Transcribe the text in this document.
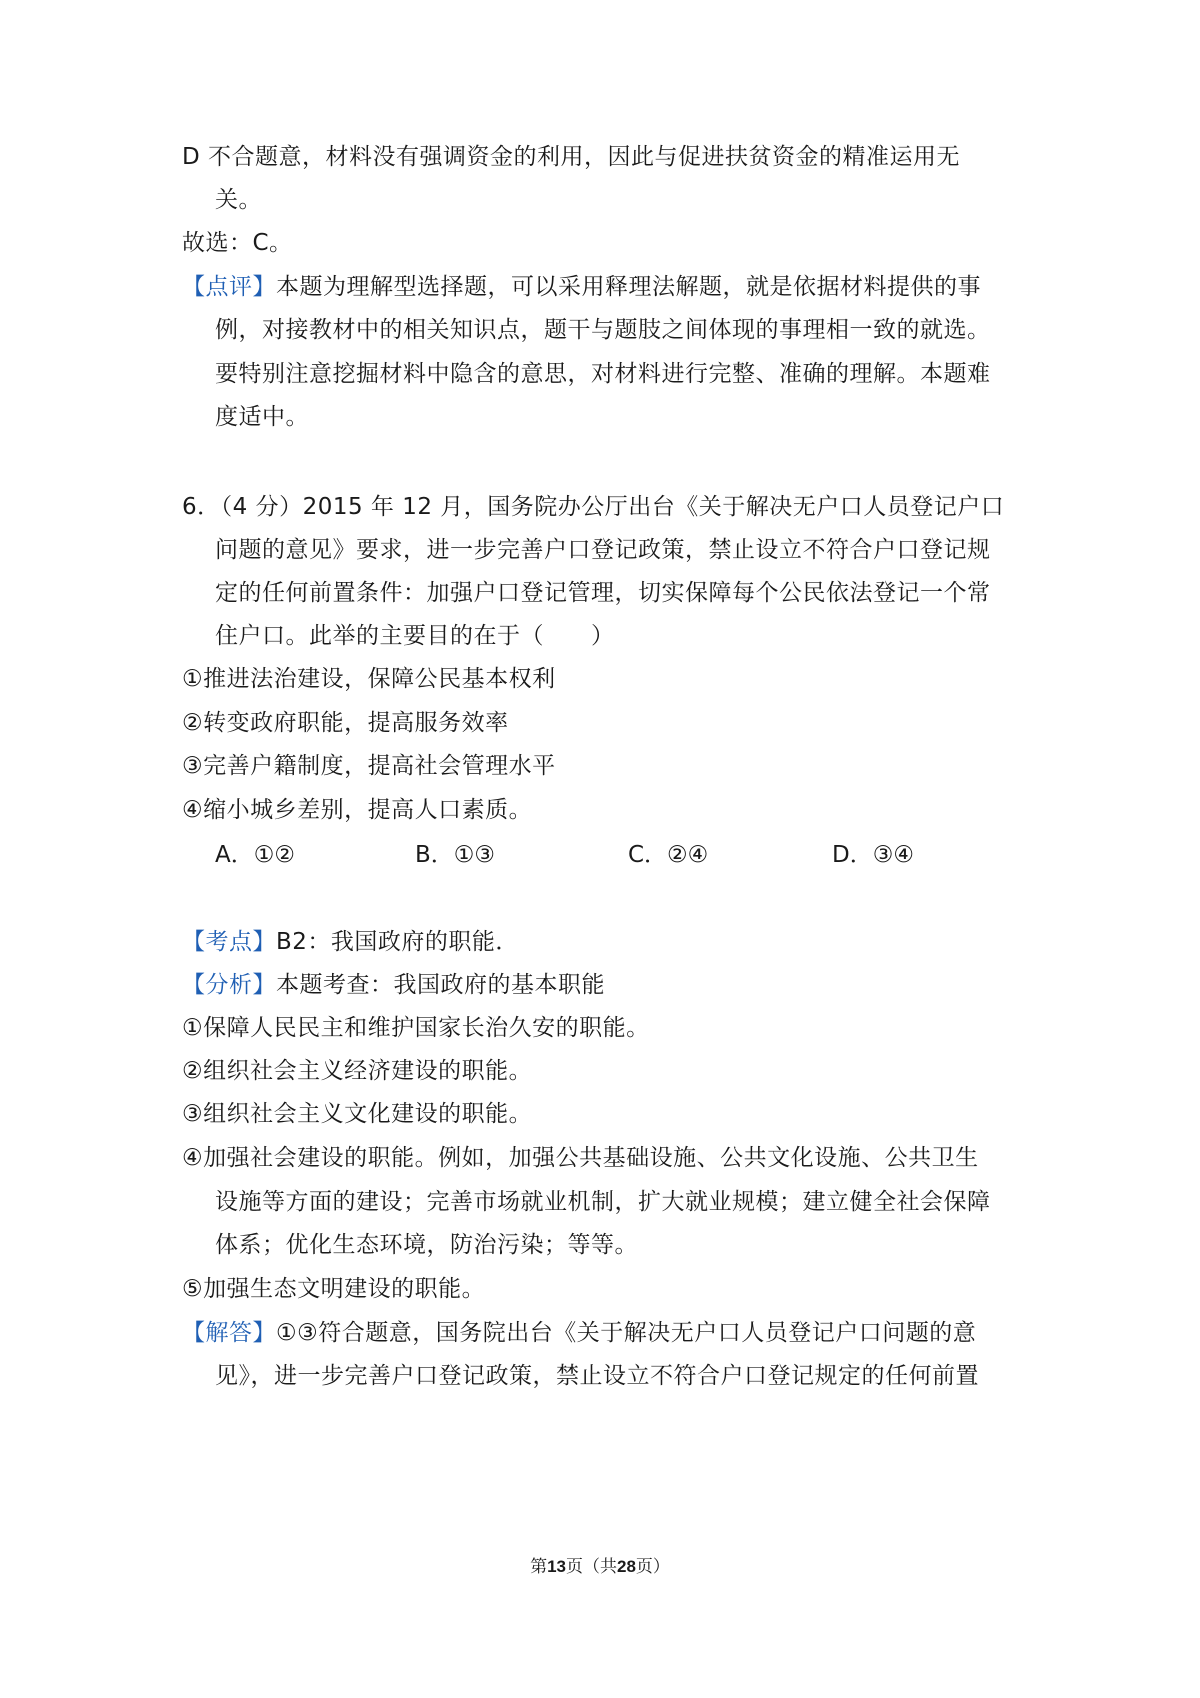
D 不合题意，材料没有强调资金的利用，因此与促进扶贫资金的精准运用无
关。
故选：C。
【点评】本题为理解型选择题，可以采用释理法解题，就是依据材料提供的事
例，对接教材中的相关知识点，题干与题肢之间体现的事理相一致的就选。
要特别注意挖掘材料中隐含的意思，对材料进行完整、准确的理解。本题难
度适中。
6．（4 分）2015 年 12 月，国务院办公厅出台《关于解决无户口人员登记户口
问题的意见》要求，进一步完善户口登记政策，禁止设立不符合户口登记规
定的任何前置条件：加强户口登记管理，切实保障每个公民依法登记一个常
住户口。此举的主要目的在于（　　）
①推进法治建设，保障公民基本权利
②转变政府职能，提高服务效率
③完善户籍制度，提高社会管理水平
④缩小城乡差别，提高人口素质。
A．①②	B．①③	C．②④	D．③④
【考点】B2：我国政府的职能．
【分析】本题考查：我国政府的基本职能
①保障人民民主和维护国家长治久安的职能。
②组织社会主义经济建设的职能。
③组织社会主义文化建设的职能。
④加强社会建设的职能。例如，加强公共基础设施、公共文化设施、公共卫生
设施等方面的建设；完善市场就业机制，扩大就业规模；建立健全社会保障
体系；优化生态环境，防治污染；等等。
⑤加强生态文明建设的职能。
【解答】①③符合题意，国务院出台《关于解决无户口人员登记户口问题的意
见》，进一步完善户口登记政策，禁止设立不符合户口登记规定的任何前置
第13页（共28页）
